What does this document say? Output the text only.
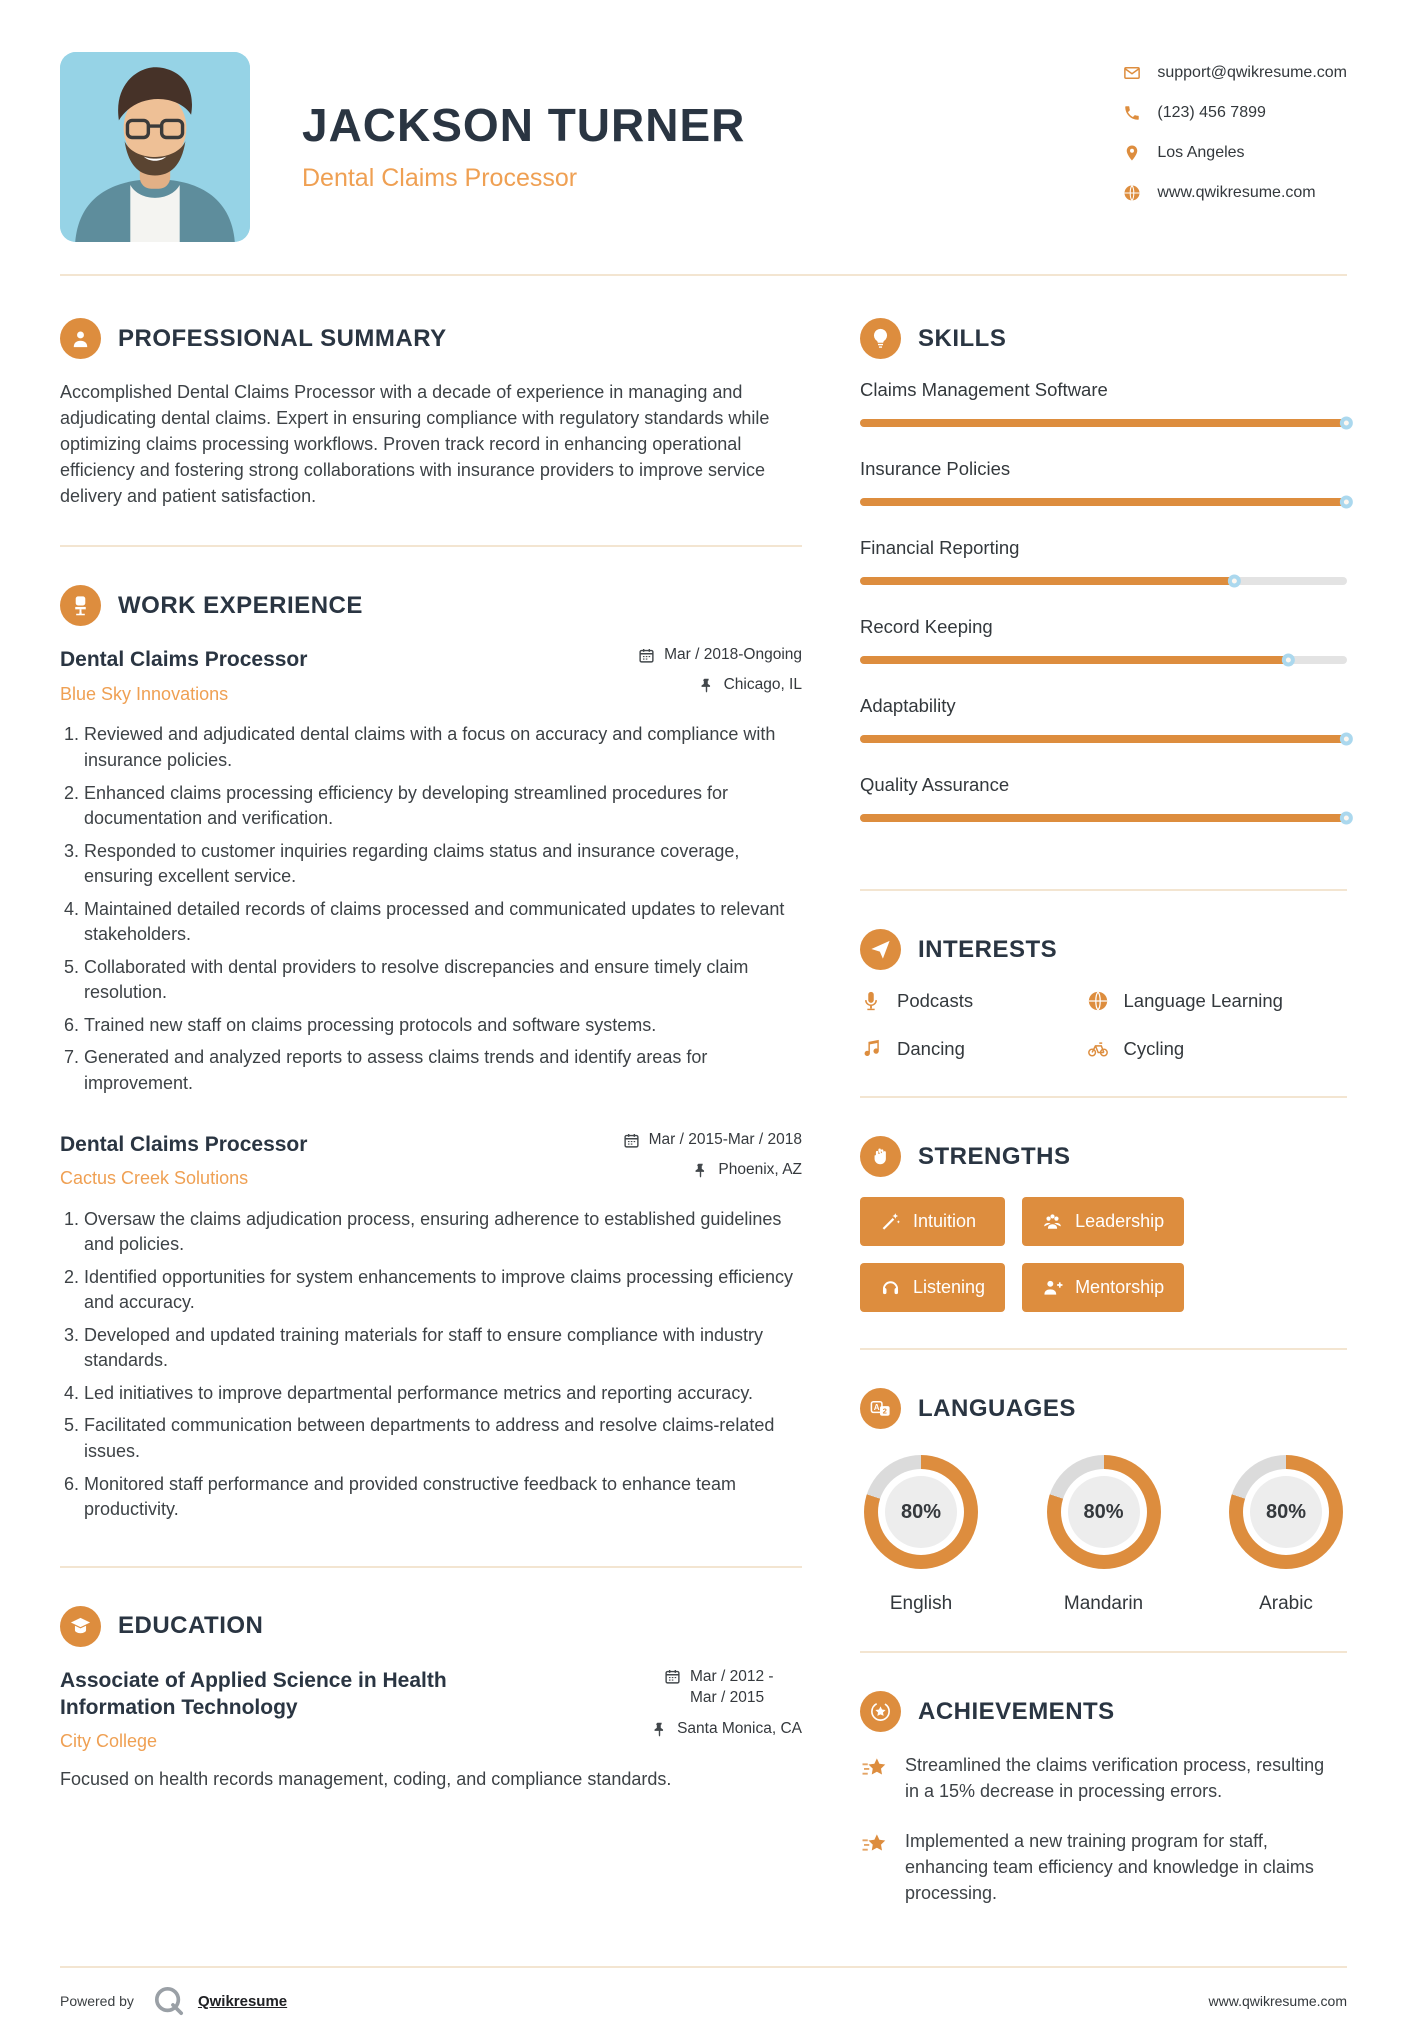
JACKSON TURNER
Dental Claims Processor
support@qwikresume.com
(123) 456 7899
Los Angeles
www.qwikresume.com
PROFESSIONAL SUMMARY

Accomplished Dental Claims Processor with a decade of experience in managing and adjudicating dental claims. Expert in ensuring compliance with regulatory standards while optimizing claims processing workflows. Proven track record in enhancing operational efficiency and fostering strong collaborations with insurance providers to improve service delivery and patient satisfaction.

WORK EXPERIENCE
Dental Claims Processor
Blue Sky Innovations
Mar / 2018-Ongoing
Chicago, IL
1. Reviewed and adjudicated dental claims with a focus on accuracy and compliance with insurance policies.
2. Enhanced claims processing efficiency by developing streamlined procedures for documentation and verification.
3. Responded to customer inquiries regarding claims status and insurance coverage, ensuring excellent service.
4. Maintained detailed records of claims processed and communicated updates to relevant stakeholders.
5. Collaborated with dental providers to resolve discrepancies and ensure timely claim resolution.
6. Trained new staff on claims processing protocols and software systems.
7. Generated and analyzed reports to assess claims trends and identify areas for improvement.
Dental Claims Processor
Cactus Creek Solutions
Mar / 2015-Mar / 2018
Phoenix, AZ
1. Oversaw the claims adjudication process, ensuring adherence to established guidelines and policies.
2. Identified opportunities for system enhancements to improve claims processing efficiency and accuracy.
3. Developed and updated training materials for staff to ensure compliance with industry standards.
4. Led initiatives to improve departmental performance metrics and reporting accuracy.
5. Facilitated communication between departments to address and resolve claims-related issues.
6. Monitored staff performance and provided constructive feedback to enhance team productivity.
EDUCATION
Associate of Applied Science in Health Information Technology
City College
Mar / 2012 - Mar / 2015
Santa Monica, CA

Focused on health records management, coding, and compliance standards.

SKILLS
Claims Management Software
Insurance Policies
Financial Reporting
Record Keeping
Adaptability
Quality Assurance
INTERESTS
Podcasts	Language Learning
Dancing	Cycling
STRENGTHS
Intuition	Leadership
Listening	Mentorship
A 2 LANGUAGES
80 %
English
80 %
Mandarin
80 %
Arabic
ACHIEVEMENTS

Streamlined the claims verification process, resulting in a 15% decrease in processing errors.

Implemented a new training program for staff, enhancing team efficiency and knowledge in claims processing.

Powered by	Qwikresume	www.qwikresume.com
